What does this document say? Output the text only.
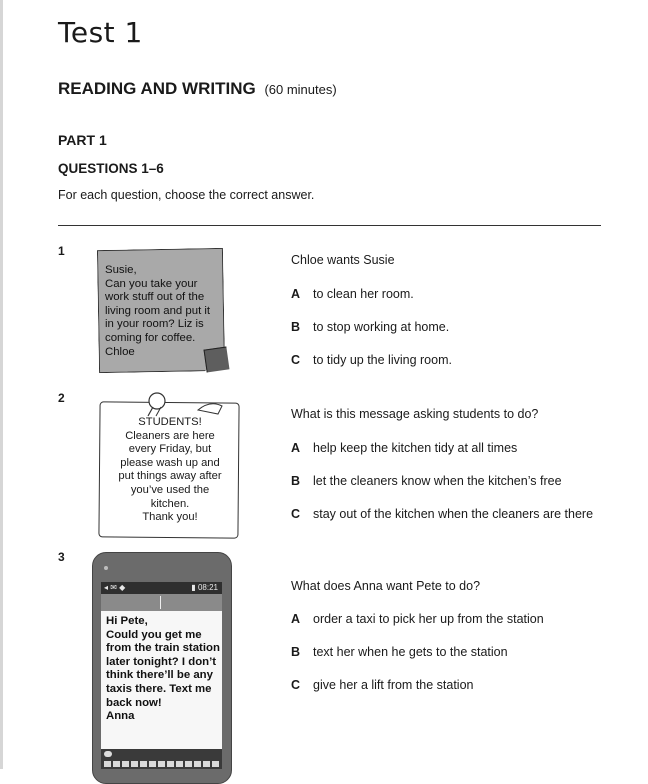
Test 1
READING AND WRITING (60 minutes)
PART 1
QUESTIONS 1–6
For each question, choose the correct answer.
1
Susie,
Can you take your
work stuff out of the
living room and put it
in your room? Liz is
coming for coffee.
Chloe
Chloe wants Susie
A to clean her room.
B to stop working at home.
C to tidy up the living room.
2
STUDENTS!
Cleaners are here
every Friday, but
please wash up and
put things away after
you’ve used the
kitchen.
Thank you!
What is this message asking students to do?
A help keep the kitchen tidy at all times
B let the cleaners know when the kitchen’s free
C stay out of the kitchen when the cleaners are there
3
◂ ✉ ◆	▮ 08:21
Hi Pete,
Could you get me
from the train station
later tonight? I don’t
think there’ll be any
taxis there. Text me
back now!
Anna
What does Anna want Pete to do?
A order a taxi to pick her up from the station
B text her when he gets to the station
C give her a lift from the station
